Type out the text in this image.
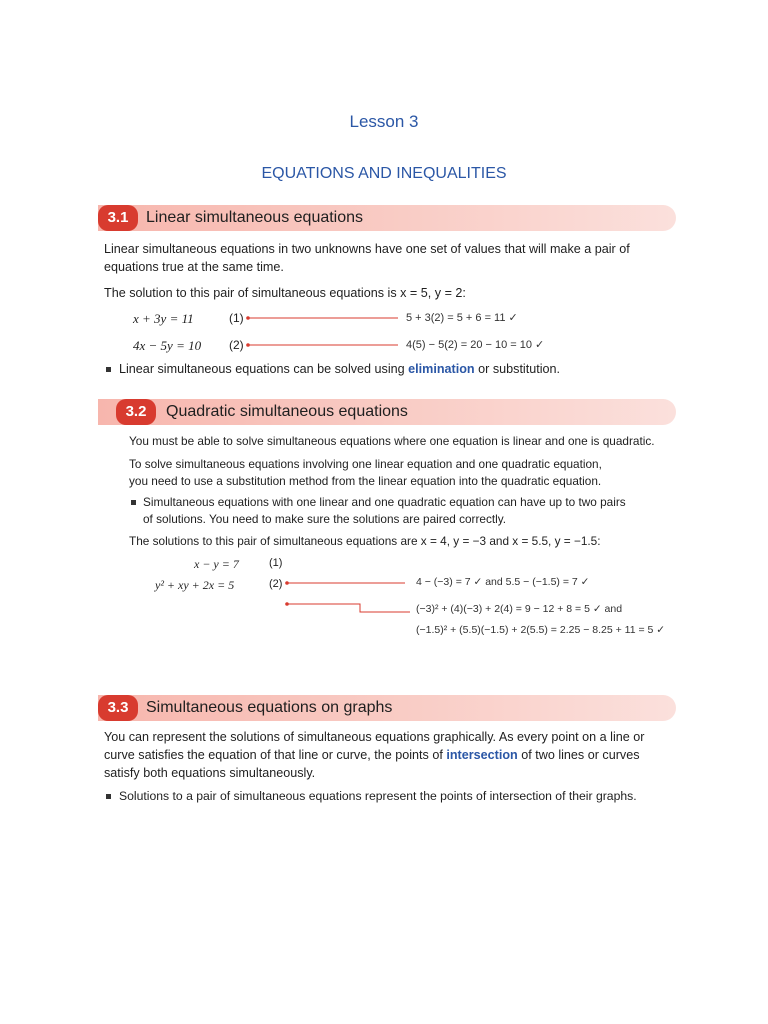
Lesson 3
EQUATIONS AND INEQUALITIES
3.1	Linear simultaneous equations
Linear simultaneous equations in two unknowns have one set of values that will make a pair of equations true at the same time.
The solution to this pair of simultaneous equations is x = 5, y = 2:
x + 3y = 11	(1)	5 + 3(2) = 5 + 6 = 11 ✓
4x − 5y = 10 (2)	4(5) − 5(2) = 20 − 10 = 10 ✓
Linear simultaneous equations can be solved using elimination or substitution.
3.2	Quadratic simultaneous equations
You must be able to solve simultaneous equations where one equation is linear and one is quadratic.
To solve simultaneous equations involving one linear equation and one quadratic equation,
you need to use a substitution method from the linear equation into the quadratic equation.
Simultaneous equations with one linear and one quadratic equation can have up to two pairs
of solutions. You need to make sure the solutions are paired correctly.
The solutions to this pair of simultaneous equations are x = 4, y = −3 and x = 5.5, y = −1.5:
x − y = 7	(1)
y² + xy + 2x = 5	(2)	4 − (−3) = 7 ✓ and 5.5 − (−1.5) = 7 ✓
(−3)² + (4)(−3) + 2(4) = 9 − 12 + 8 = 5 ✓ and
(−1.5)² + (5.5)(−1.5) + 2(5.5) = 2.25 − 8.25 + 11 = 5 ✓
3.3	Simultaneous equations on graphs
You can represent the solutions of simultaneous equations graphically. As every point on a line or
curve satisfies the equation of that line or curve, the points of intersection of two lines or curves
satisfy both equations simultaneously.
Solutions to a pair of simultaneous equations represent the points of intersection of their graphs.
